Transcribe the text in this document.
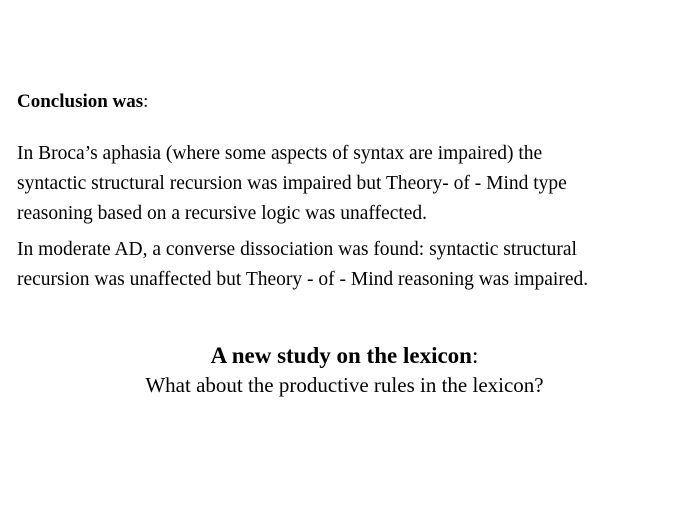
Conclusion was:
In Broca’s aphasia (where some aspects of syntax are impaired) the
syntactic structural recursion was impaired but Theory- of - Mind type
reasoning based on a recursive logic was unaffected.
In moderate AD, a converse dissociation was found: syntactic structural
recursion was unaffected but Theory - of - Mind reasoning was impaired.
A new study on the lexicon:
What about the productive rules in the lexicon?
